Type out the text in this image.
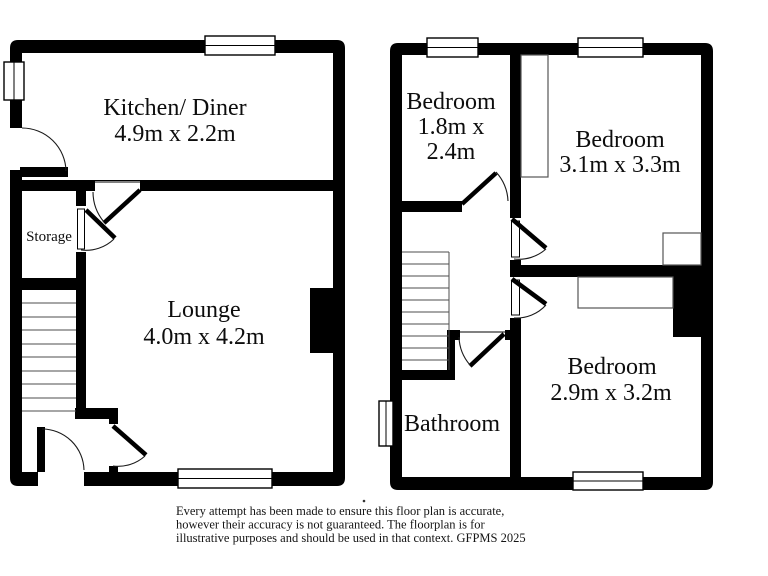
Kitchen/ Diner
4.9m x 2.2m
Storage
Lounge
4.0m x 4.2m
Bedroom
1.8m x
2.4m	Bedroom
3.1m x 3.3m
Bedroom
2.9m x 3.2m
Bathroom
Every attempt has been made to ensure this floor plan is accurate,
however their accuracy is not guaranteed. The floorplan is for
illustrative purposes and should be used in that context. GFPMS 2025
